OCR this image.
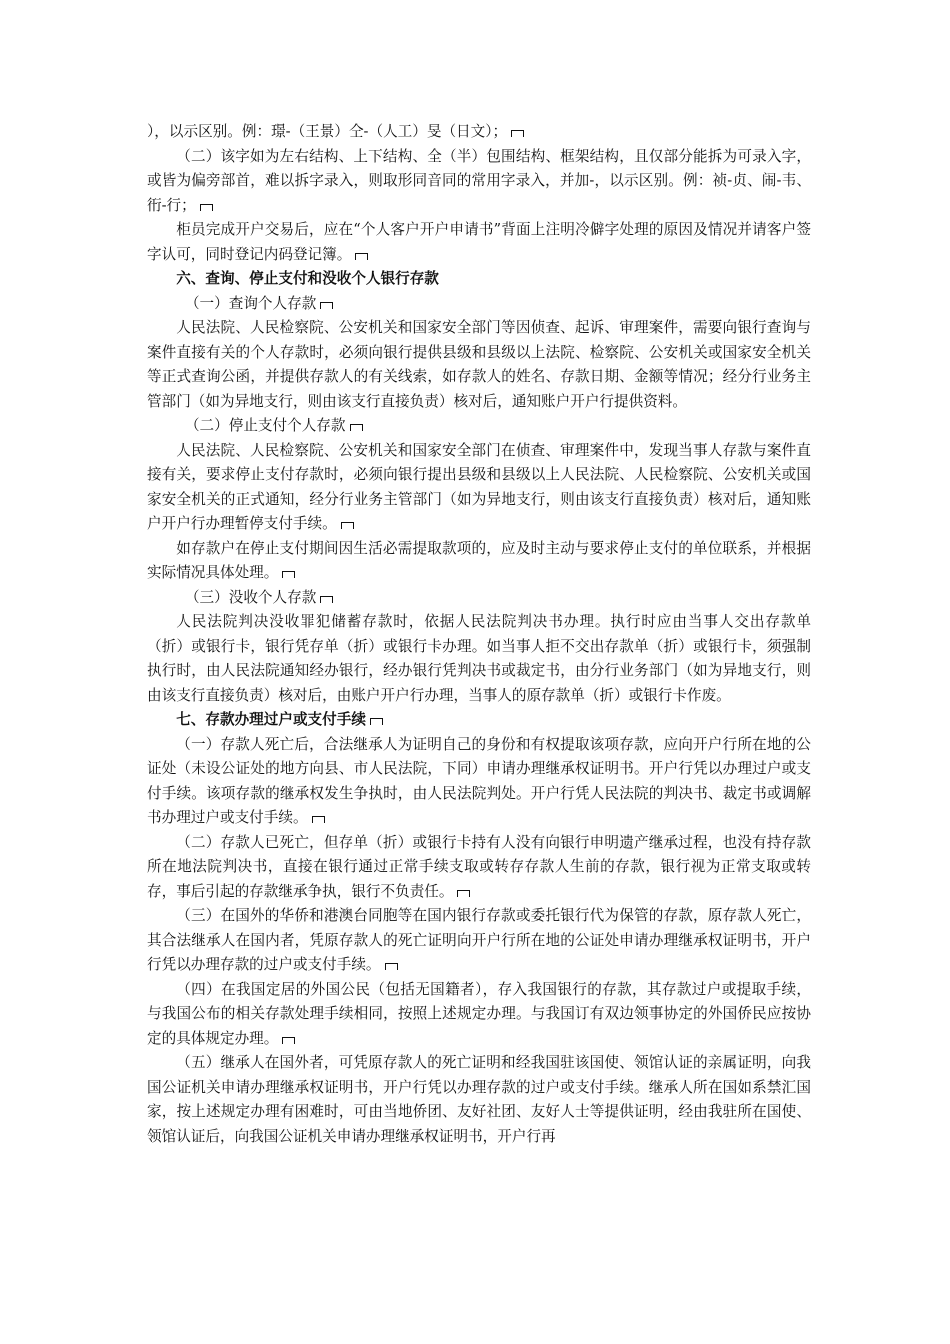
），以示区别。例：璟-（王景）仝-（人工）旻（日文）；

（二）该字如为左右结构、上下结构、全（半）包围结构、框架结构，且仅部分能拆为可录入字，或皆为偏旁部首，难以拆字录入，则取形同音同的常用字录入，并加-，以示区别。例：祯-贞、闹-韦、衎-行；

柜员完成开户交易后，应在“个人客户开户申请书”背面上注明冷僻字处理的原因及情况并请客户签字认可，同时登记内码登记簿。

六、查询、停止支付和没收个人银行存款

（一）查询个人存款

人民法院、人民检察院、公安机关和国家安全部门等因侦查、起诉、审理案件，需要向银行查询与案件直接有关的个人存款时，必须向银行提供县级和县级以上法院、检察院、公安机关或国家安全机关等正式查询公函，并提供存款人的有关线索，如存款人的姓名、存款日期、金额等情况；经分行业务主管部门（如为异地支行，则由该支行直接负责）核对后，通知账户开户行提供资料。

（二）停止支付个人存款

人民法院、人民检察院、公安机关和国家安全部门在侦查、审理案件中，发现当事人存款与案件直接有关，要求停止支付存款时，必须向银行提出县级和县级以上人民法院、人民检察院、公安机关或国家安全机关的正式通知，经分行业务主管部门（如为异地支行，则由该支行直接负责）核对后，通知账户开户行办理暂停支付手续。

如存款户在停止支付期间因生活必需提取款项的，应及时主动与要求停止支付的单位联系，并根据实际情况具体处理。

（三）没收个人存款

人民法院判决没收罪犯储蓄存款时，依据人民法院判决书办理。执行时应由当事人交出存款单（折）或银行卡，银行凭存单（折）或银行卡办理。如当事人拒不交出存款单（折）或银行卡，须强制执行时，由人民法院通知经办银行，经办银行凭判决书或裁定书，由分行业务部门（如为异地支行，则由该支行直接负责）核对后，由账户开户行办理，当事人的原存款单（折）或银行卡作废。

七、存款办理过户或支付手续

（一）存款人死亡后，合法继承人为证明自己的身份和有权提取该项存款，应向开户行所在地的公证处（未设公证处的地方向县、市人民法院，下同）申请办理继承权证明书。开户行凭以办理过户或支付手续。该项存款的继承权发生争执时，由人民法院判处。开户行凭人民法院的判决书、裁定书或调解书办理过户或支付手续。

（二）存款人已死亡，但存单（折）或银行卡持有人没有向银行申明遗产继承过程，也没有持存款所在地法院判决书，直接在银行通过正常手续支取或转存存款人生前的存款，银行视为正常支取或转存，事后引起的存款继承争执，银行不负责任。

（三）在国外的华侨和港澳台同胞等在国内银行存款或委托银行代为保管的存款，原存款人死亡，其合法继承人在国内者，凭原存款人的死亡证明向开户行所在地的公证处申请办理继承权证明书，开户行凭以办理存款的过户或支付手续。

（四）在我国定居的外国公民（包括无国籍者），存入我国银行的存款，其存款过户或提取手续，与我国公布的相关存款处理手续相同，按照上述规定办理。与我国订有双边领事协定的外国侨民应按协定的具体规定办理。

（五）继承人在国外者，可凭原存款人的死亡证明和经我国驻该国使、领馆认证的亲属证明，向我国公证机关申请办理继承权证明书，开户行凭以办理存款的过户或支付手续。继承人所在国如系禁汇国家，按上述规定办理有困难时，可由当地侨团、友好社团、友好人士等提供证明，经由我驻所在国使、领馆认证后，向我国公证机关申请办理继承权证明书，开户行再
